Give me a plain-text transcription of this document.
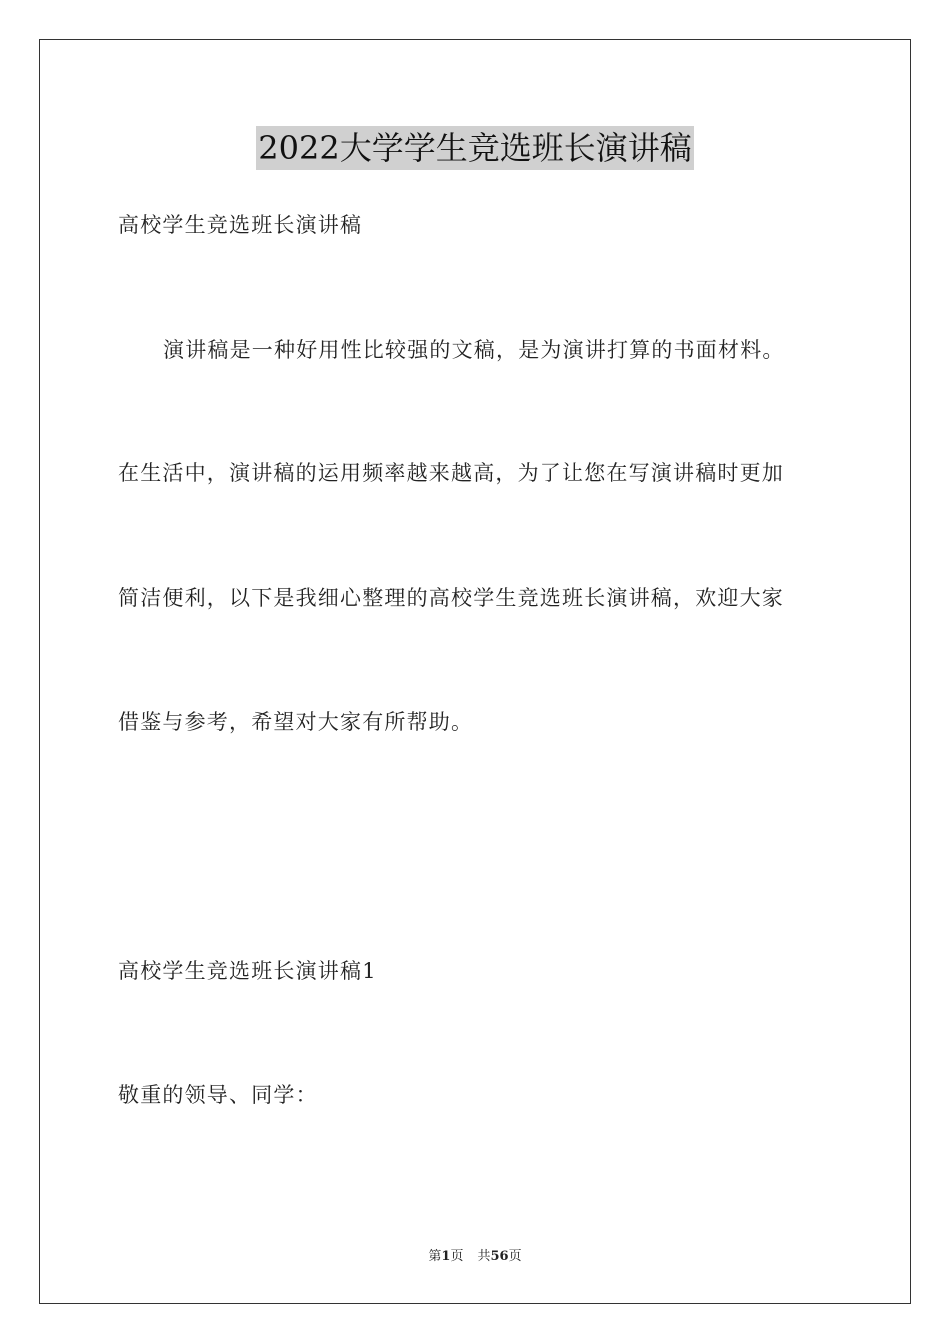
2022大学学生竞选班长演讲稿
高校学生竞选班长演讲稿
演讲稿是一种好用性比较强的文稿，是为演讲打算的书面材料。
在生活中，演讲稿的运用频率越来越高，为了让您在写演讲稿时更加
简洁便利，以下是我细心整理的高校学生竞选班长演讲稿，欢迎大家
借鉴与参考，希望对大家有所帮助。
高校学生竞选班长演讲稿1
敬重的领导、同学：
第1页 共56页
